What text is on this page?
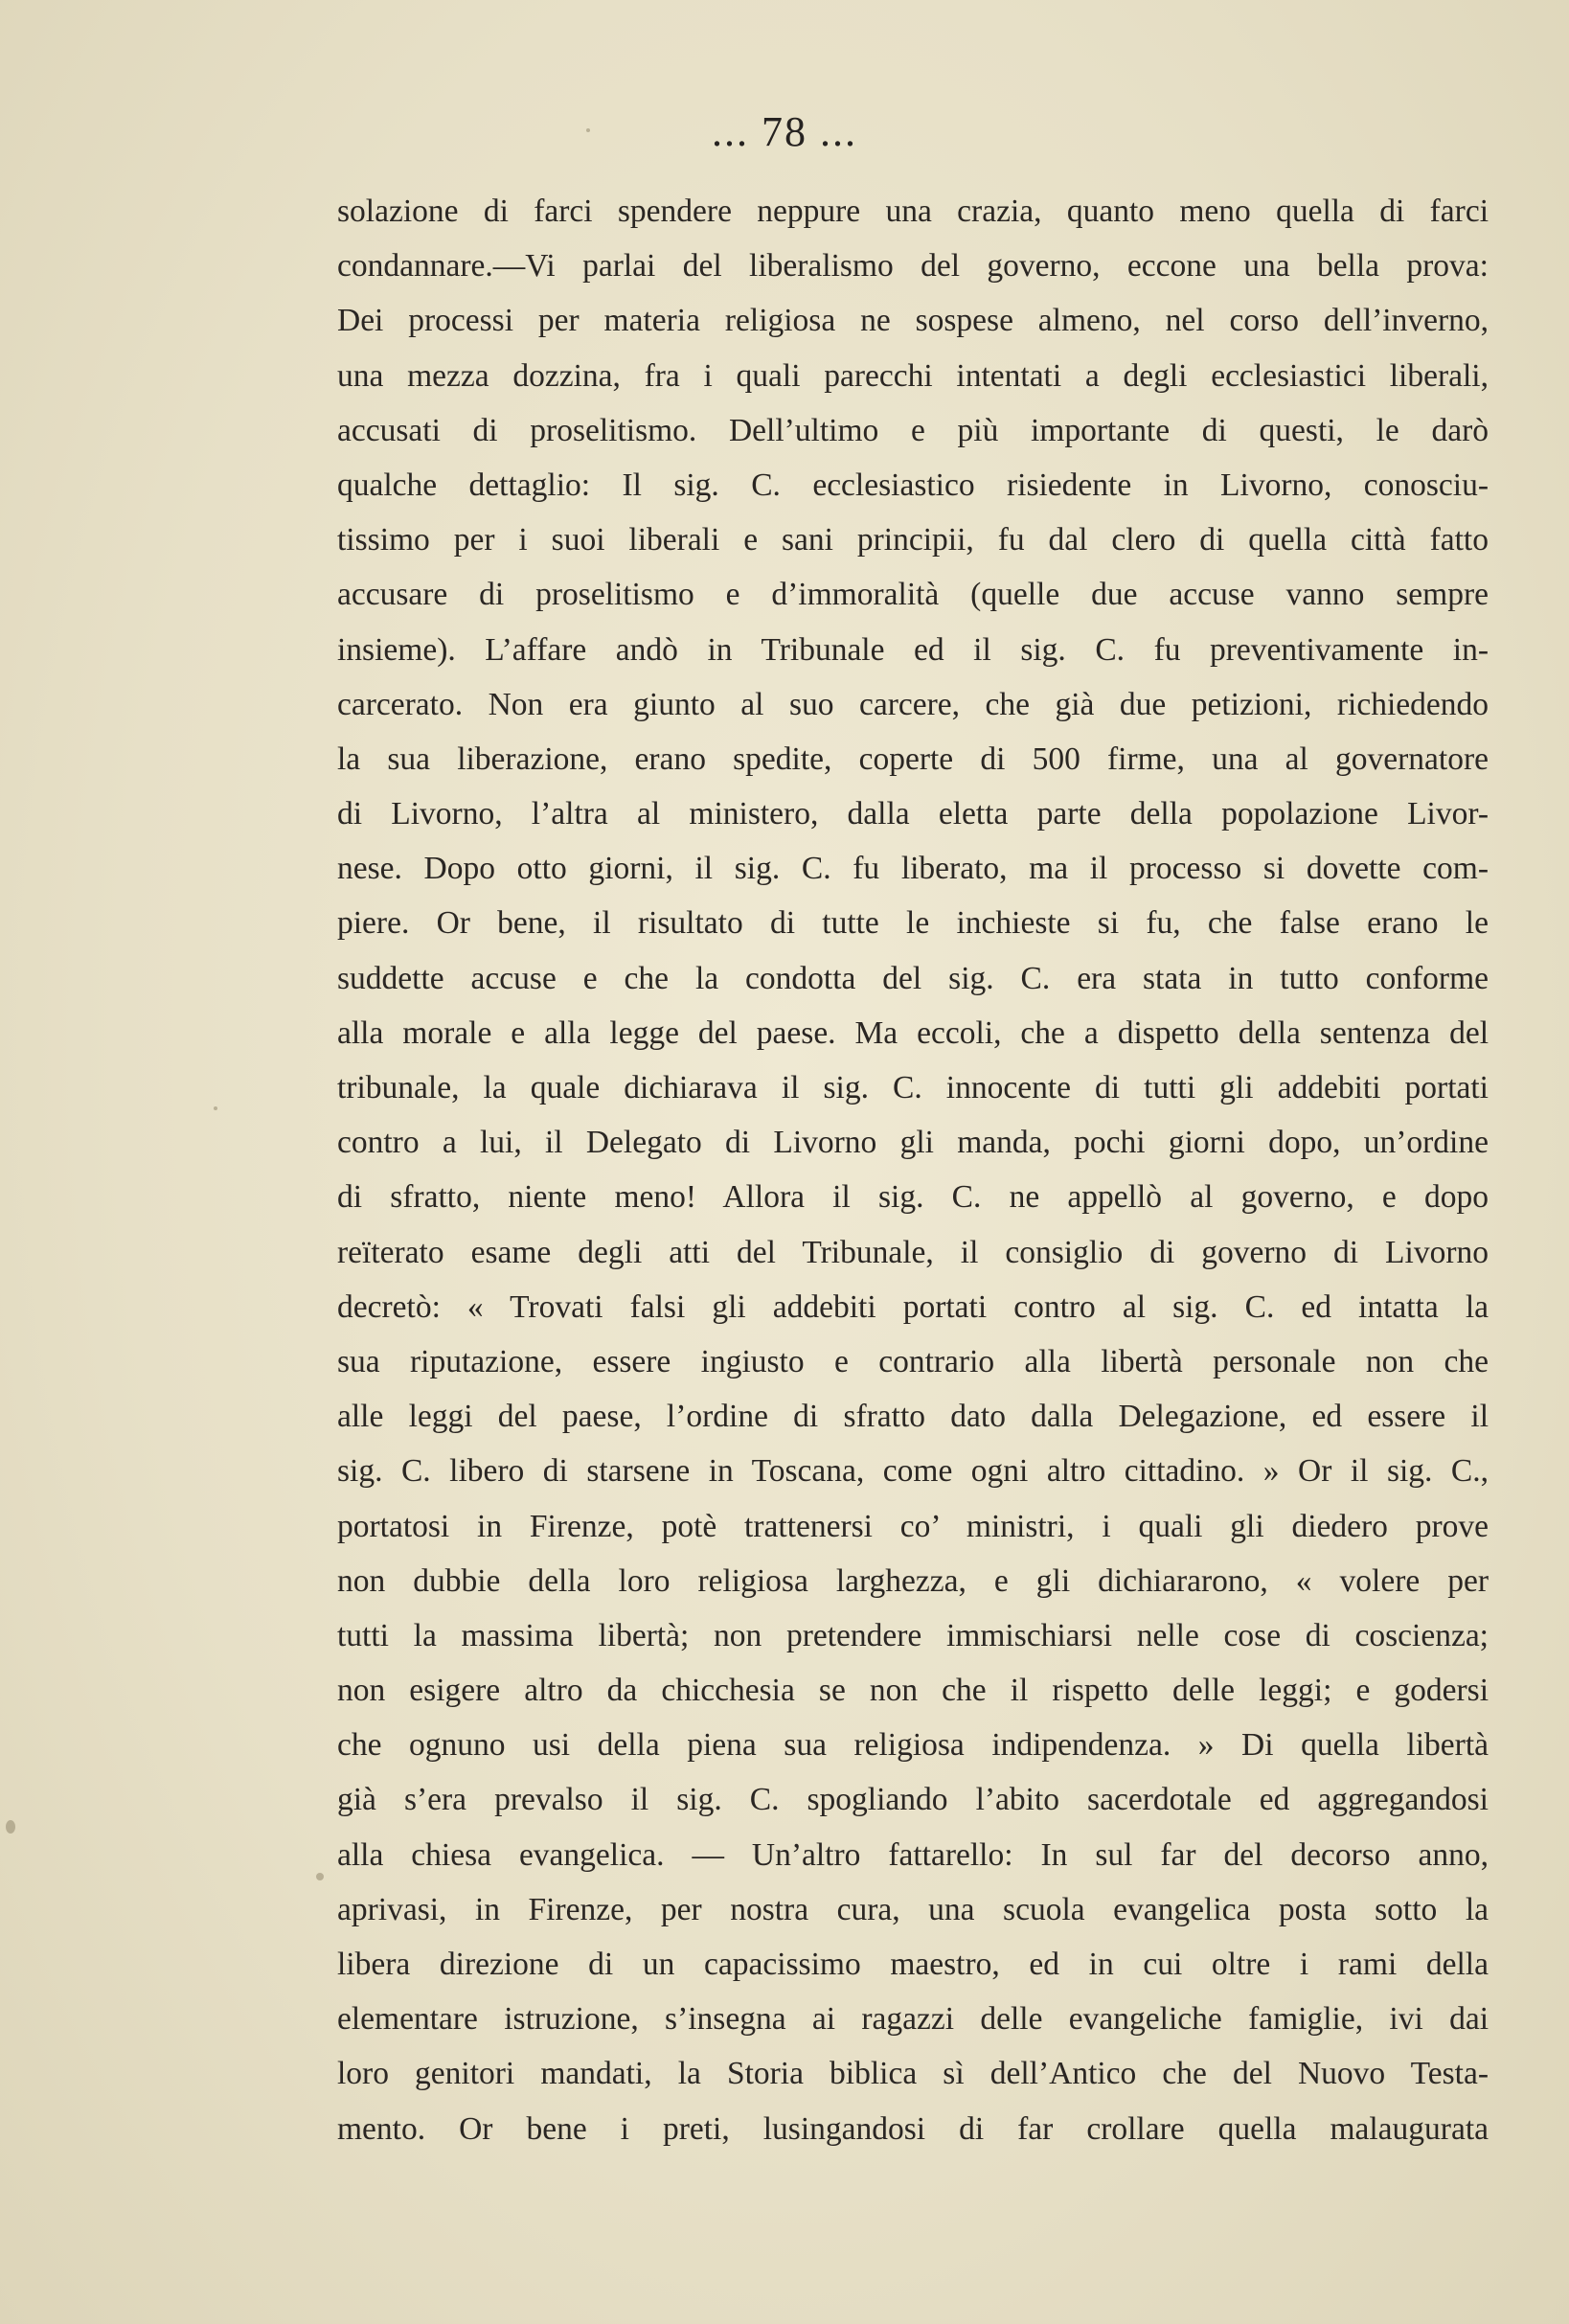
... 78 ...
solazione di farci spendere neppure una crazia, quanto meno quella di farci
condannare.—Vi parlai del liberalismo del governo, eccone una bella prova:
Dei processi per materia religiosa ne sospese almeno, nel corso dell’inverno,
una mezza dozzina, fra i quali parecchi intentati a degli ecclesiastici liberali,
accusati di proselitismo. Dell’ultimo e più importante di questi, le darò
qualche dettaglio: Il sig. C. ecclesiastico risiedente in Livorno, conosciu-
tissimo per i suoi liberali e sani principii, fu dal clero di quella città fatto
accusare di proselitismo e d’immoralità (quelle due accuse vanno sempre
insieme). L’affare andò in Tribunale ed il sig. C. fu preventivamente in-
carcerato. Non era giunto al suo carcere, che già due petizioni, richiedendo
la sua liberazione, erano spedite, coperte di 500 firme, una al governatore
di Livorno, l’altra al ministero, dalla eletta parte della popolazione Livor-
nese. Dopo otto giorni, il sig. C. fu liberato, ma il processo si dovette com-
piere. Or bene, il risultato di tutte le inchieste si fu, che false erano le
suddette accuse e che la condotta del sig. C. era stata in tutto conforme
alla morale e alla legge del paese. Ma eccoli, che a dispetto della sentenza del
tribunale, la quale dichiarava il sig. C. innocente di tutti gli addebiti portati
contro a lui, il Delegato di Livorno gli manda, pochi giorni dopo, un’ordine
di sfratto, niente meno! Allora il sig. C. ne appellò al governo, e dopo
reïterato esame degli atti del Tribunale, il consiglio di governo di Livorno
decretò: « Trovati falsi gli addebiti portati contro al sig. C. ed intatta la
sua riputazione, essere ingiusto e contrario alla libertà personale non che
alle leggi del paese, l’ordine di sfratto dato dalla Delegazione, ed essere il
sig. C. libero di starsene in Toscana, come ogni altro cittadino. » Or il sig. C.,
portatosi in Firenze, potè trattenersi co’ ministri, i quali gli diedero prove
non dubbie della loro religiosa larghezza, e gli dichiararono, « volere per
tutti la massima libertà; non pretendere immischiarsi nelle cose di coscienza;
non esigere altro da chicchesia se non che il rispetto delle leggi; e godersi
che ognuno usi della piena sua religiosa indipendenza. » Di quella libertà
già s’era prevalso il sig. C. spogliando l’abito sacerdotale ed aggregandosi
alla chiesa evangelica. — Un’altro fattarello: In sul far del decorso anno,
aprivasi, in Firenze, per nostra cura, una scuola evangelica posta sotto la
libera direzione di un capacissimo maestro, ed in cui oltre i rami della
elementare istruzione, s’insegna ai ragazzi delle evangeliche famiglie, ivi dai
loro genitori mandati, la Storia biblica sì dell’Antico che del Nuovo Testa-
mento. Or bene i preti, lusingandosi di far crollare quella malaugurata
